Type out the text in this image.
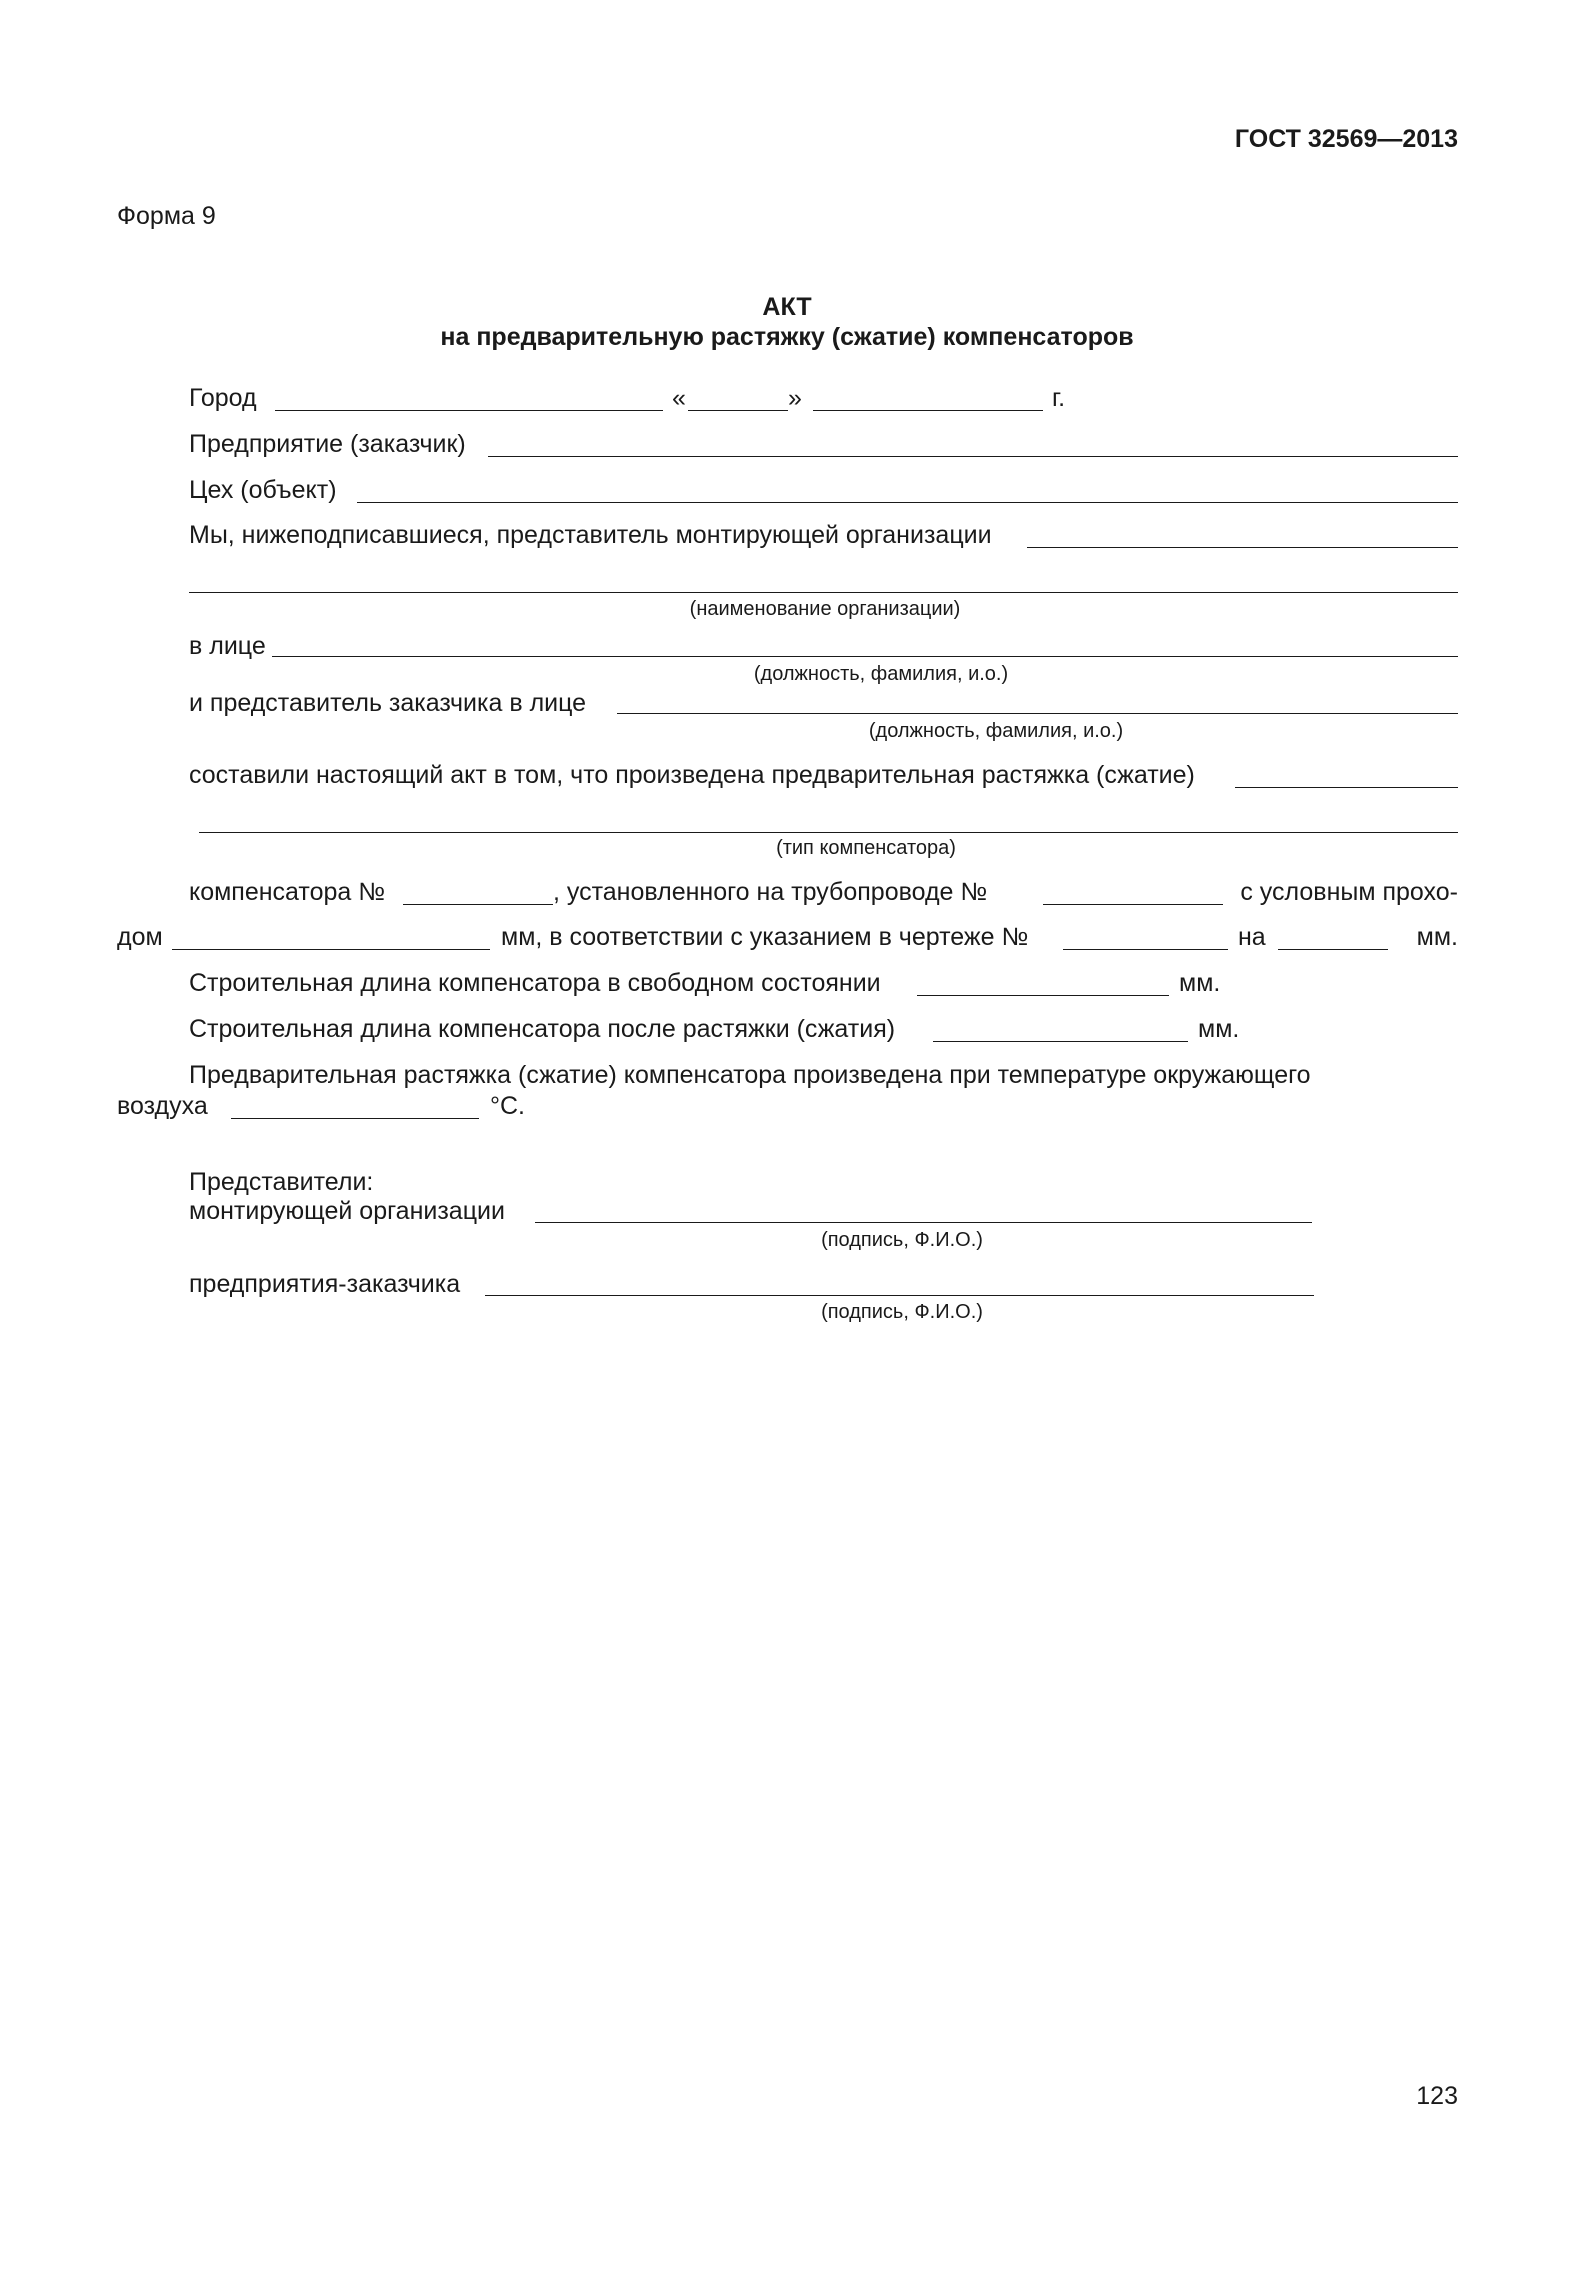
ГОСТ 32569—2013
Форма 9
АКТ
на предварительную растяжку (сжатие) компенсаторов
Город	«	»	г.
Предприятие (заказчик)
Цех (объект)
Мы, нижеподписавшиеся, представитель монтирующей организации
(наименование организации)
в лице
(должность, фамилия, и.о.)
и представитель заказчика в лице
(должность, фамилия, и.о.)
составили настоящий акт в том, что произведена предварительная растяжка (сжатие)
(тип компенсатора)
компенсатора №	, установленного на трубопроводе №	с условным прохо-
дом	мм, в соответствии с указанием в чертеже №	на	мм.
Строительная длина компенсатора в свободном состоянии	мм.
Строительная длина компенсатора после растяжки (сжатия)	мм.
Предварительная растяжка (сжатие) компенсатора произведена при температуре окружающего
воздуха	°С.
Представители:
монтирующей организации
(подпись, Ф.И.О.)
предприятия-заказчика
(подпись, Ф.И.О.)
123
